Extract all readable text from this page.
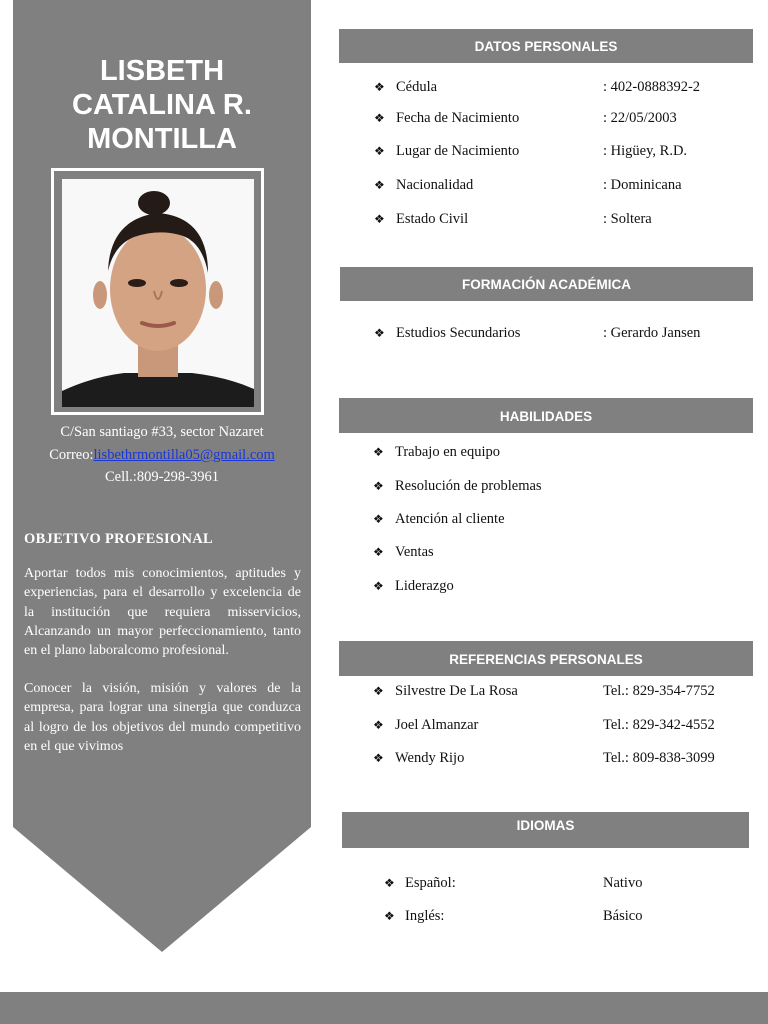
LISBETH
CATALINA R.
MONTILLA
C/San santiago #33, sector Nazaret
Correo:lisbethrmontilla05@gmail.com
Cell.:809-298-3961
OBJETIVO PROFESIONAL
Aportar todos mis conocimientos, aptitudes y experiencias, para el desarrollo y excelencia de la institución que requiera misservicios, Alcanzando un mayor perfeccionamiento, tanto en el plano laboralcomo profesional.
Conocer la visión, misión y valores de la empresa, para lograr una sinergia que conduzca al logro de los objetivos del mundo competitivo en el que vivimos
DATOS PERSONALES
❖ Cédula	: 402-0888392-2
❖ Fecha de Nacimiento	: 22/05/2003
❖ Lugar de Nacimiento	: Higüey, R.D.
❖ Nacionalidad	: Dominicana
❖ Estado Civil	: Soltera
FORMACIÓN ACADÉMICA
❖ Estudios Secundarios	: Gerardo Jansen
HABILIDADES
❖ Trabajo en equipo
❖ Resolución de problemas
❖ Atención al cliente
❖ Ventas
❖ Liderazgo
REFERENCIAS PERSONALES
❖ Silvestre De La Rosa	Tel.: 829-354-7752
❖ Joel Almanzar	Tel.: 829-342-4552
❖ Wendy Rijo	Tel.: 809-838-3099
IDIOMAS
❖ Español:	Nativo
❖ Inglés:	Básico
